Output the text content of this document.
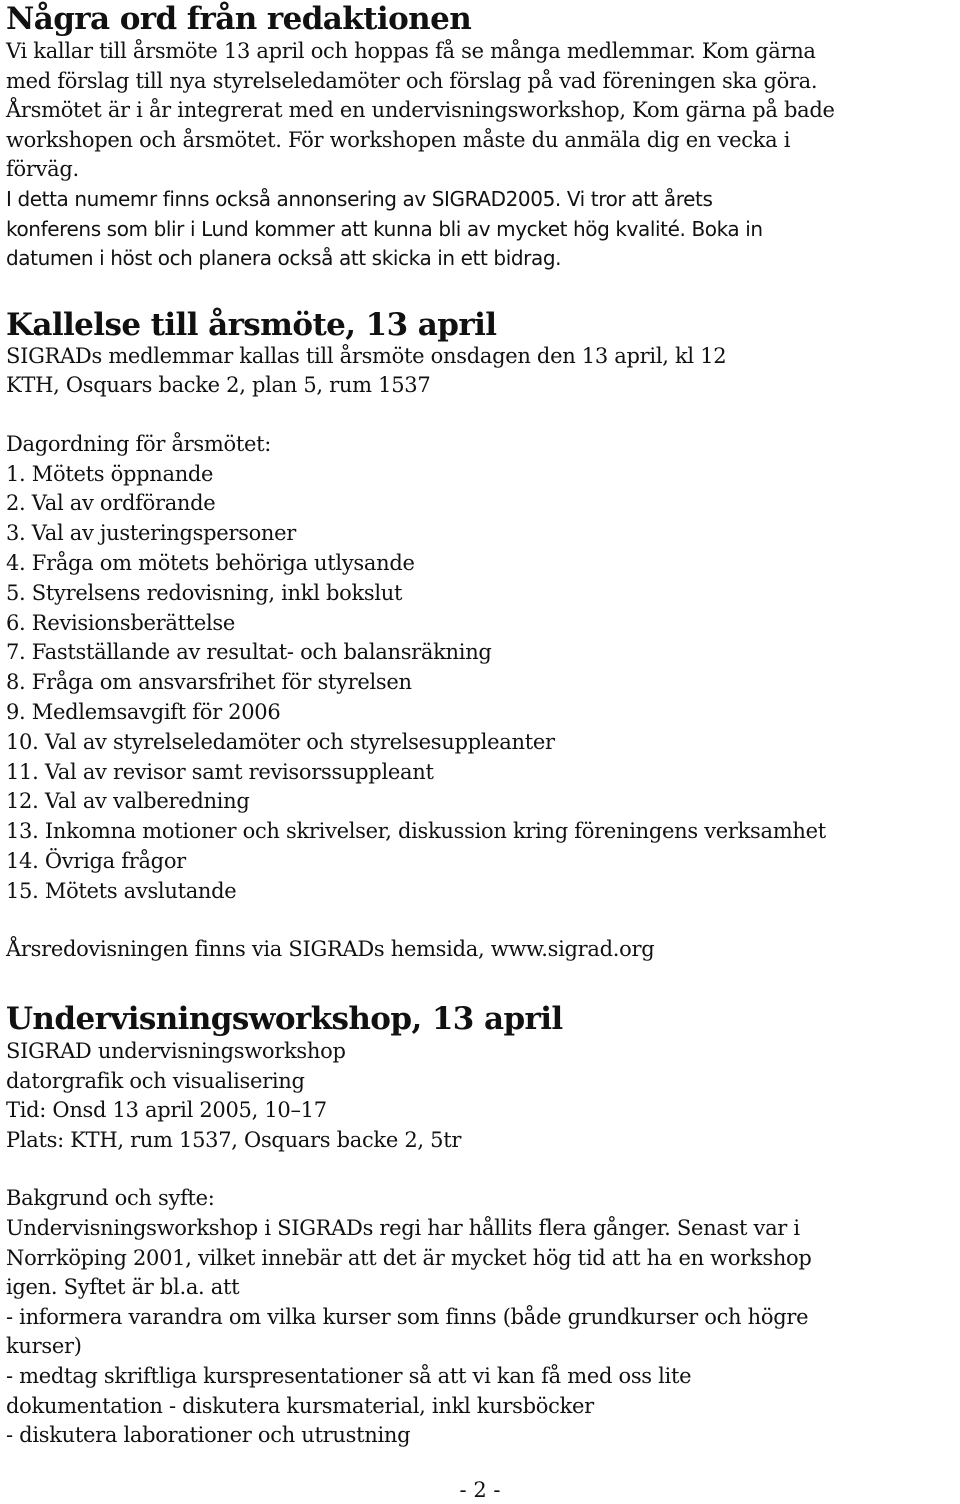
Några ord från redaktionen
Vi kallar till årsmöte 13 april och hoppas få se många medlemmar. Kom gärna
med förslag till nya styrelseledamöter och förslag på vad föreningen ska göra.
Årsmötet är i år integrerat med en undervisningsworkshop, Kom gärna på bade
workshopen och årsmötet. För workshopen måste du anmäla dig en vecka i
förväg.
I detta numemr finns också annonsering av SIGRAD2005. Vi tror att årets
konferens som blir i Lund kommer att kunna bli av mycket hög kvalité. Boka in
datumen i höst och planera också att skicka in ett bidrag.
Kallelse till årsmöte, 13 april
SIGRADs medlemmar kallas till årsmöte onsdagen den 13 april, kl 12
KTH, Osquars backe 2, plan 5, rum 1537
Dagordning för årsmötet:
1. Mötets öppnande
2. Val av ordförande
3. Val av justeringspersoner
4. Fråga om mötets behöriga utlysande
5. Styrelsens redovisning, inkl bokslut
6. Revisionsberättelse
7. Fastställande av resultat- och balansräkning
8. Fråga om ansvarsfrihet för styrelsen
9. Medlemsavgift för 2006
10. Val av styrelseledamöter och styrelsesuppleanter
11. Val av revisor samt revisorssuppleant
12. Val av valberedning
13. Inkomna motioner och skrivelser, diskussion kring föreningens verksamhet
14. Övriga frågor
15. Mötets avslutande
Årsredovisningen finns via SIGRADs hemsida, www.sigrad.org
Undervisningsworkshop, 13 april
SIGRAD undervisningsworkshop
datorgrafik och visualisering
Tid: Onsd 13 april 2005, 10–17
Plats: KTH, rum 1537, Osquars backe 2, 5tr
Bakgrund och syfte:
Undervisningsworkshop i SIGRADs regi har hållits flera gånger. Senast var i
Norrköping 2001, vilket innebär att det är mycket hög tid att ha en workshop
igen. Syftet är bl.a. att
- informera varandra om vilka kurser som finns (både grundkurser och högre
kurser)
- medtag skriftliga kurspresentationer så att vi kan få med oss lite
dokumentation - diskutera kursmaterial, inkl kursböcker
- diskutera laborationer och utrustning
- 2 -
